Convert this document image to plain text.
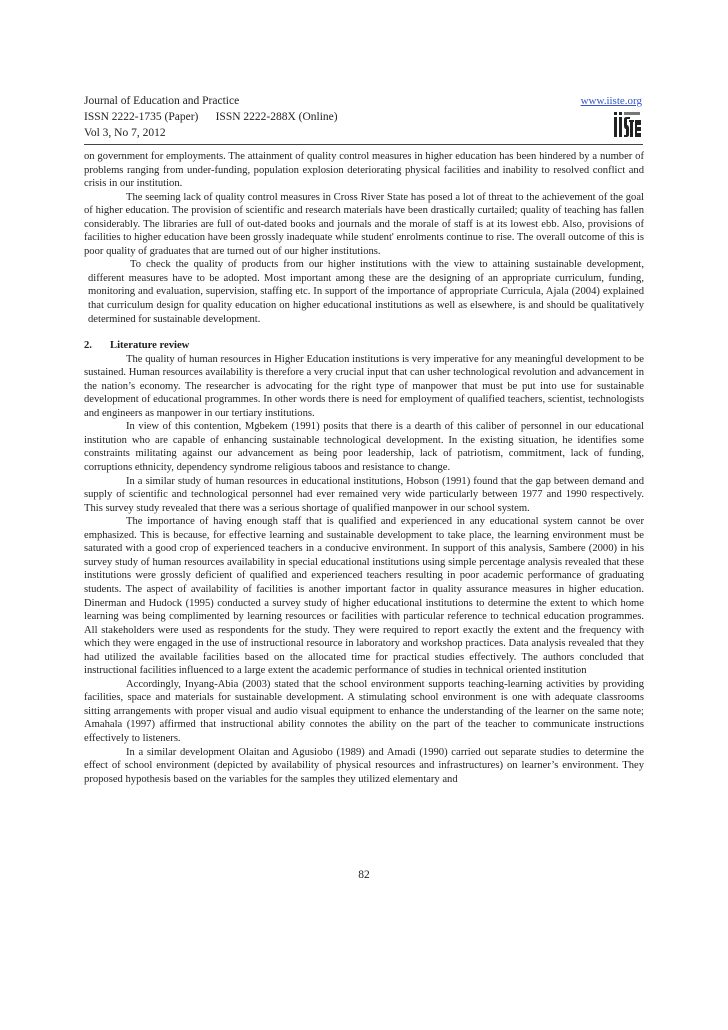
Journal of Education and Practice
ISSN 2222-1735 (Paper)      ISSN 2222-288X (Online)
Vol 3, No 7, 2012
www.iiste.org

on government for employments. The attainment of quality control measures in higher education has been hindered by a number of problems ranging from under-funding, population explosion deteriorating physical facilities and inability to resolved conflict and crisis in our institution.

The seeming lack of quality control measures in Cross River State has posed a lot of threat to the achievement of the goal of higher education. The provision of scientific and research materials have been drastically curtailed; quality of teaching has fallen considerably. The libraries are full of out-dated books and journals and the morale of staff is at its lowest ebb. Also, provisions of facilities to higher education have been grossly inadequate while student' enrolments continue to rise. The overall outcome of this is poor quality of graduates that are turned out of our higher institutions.

To check the quality of products from our higher institutions with the view to attaining sustainable development, different measures have to be adopted. Most important among these are the designing of an appropriate curriculum, funding, monitoring and evaluation, supervision, staffing etc. In support of the importance of appropriate Curricula, Ajala (2004) explained that curriculum design for quality education on higher educational institutions as well as elsewhere, is and should be qualitatively determined for sustainable development.

2. Literature review

The quality of human resources in Higher Education institutions is very imperative for any meaningful development to be sustained. Human resources availability is therefore a very crucial input that can usher technological revolution and advancement in the nation’s economy. The researcher is advocating for the right type of manpower that must be put into use for sustainable development of educational programmes. In other words there is need for employment of qualified teachers, scientist, technologists and engineers as manpower in our tertiary institutions.

In view of this contention, Mgbekem (1991) posits that there is a dearth of this caliber of personnel in our educational institution who are capable of enhancing sustainable technological development. In the existing situation, he identifies some constraints militating against our advancement as being poor leadership, lack of patriotism, commitment, lack of funding, corruptions ethnicity, dependency syndrome religious taboos and resistance to change.

In a similar study of human resources in educational institutions, Hobson (1991) found that the gap between demand and supply of scientific and technological personnel had ever remained very wide particularly between 1977 and 1990 respectively. This survey study revealed that there was a serious shortage of qualified manpower in our school system.

The importance of having enough staff that is qualified and experienced in any educational system cannot be over emphasized. This is because, for effective learning and sustainable development to take place, the learning environment must be saturated with a good crop of experienced teachers in a conducive environment. In support of this analysis, Sambere (2000) in his survey study of human resources availability in special educational institutions using simple percentage analysis revealed that these institutions were grossly deficient of qualified and experienced teachers resulting in poor academic performance of graduating students. The aspect of availability of facilities is another important factor in quality assurance measures in higher education. Dinerman and Hudock (1995) conducted a survey study of higher educational institutions to determine the extent to which home learning was being complimented by learning resources or facilities with particular reference to technical education programmes. All stakeholders were used as respondents for the study. They were required to report exactly the extent and the frequency with which they were engaged in the use of instructional resource in laboratory and workshop practices. Data analysis revealed that they had utilized the available facilities based on the allocated time for practical studies effectively. The authors concluded that instructional facilities influenced to a large extent the academic performance of studies in technical oriented institution

Accordingly, Inyang-Abia (2003) stated that the school environment supports teaching-learning activities by providing facilities, space and materials for sustainable development. A stimulating school environment is one with adequate classrooms sitting arrangements with proper visual and audio visual equipment to enhance the understanding of the learner on the same note; Amahala (1997) affirmed that instructional ability connotes the ability on the part of the teacher to communicate instructions effectively to listeners.

In a similar development Olaitan and Agusiobo (1989) and Amadi (1990) carried out separate studies to determine the effect of school environment (depicted by availability of physical resources and infrastructures) on learner’s environment. They proposed hypothesis based on the variables for the samples they utilized elementary and

82
